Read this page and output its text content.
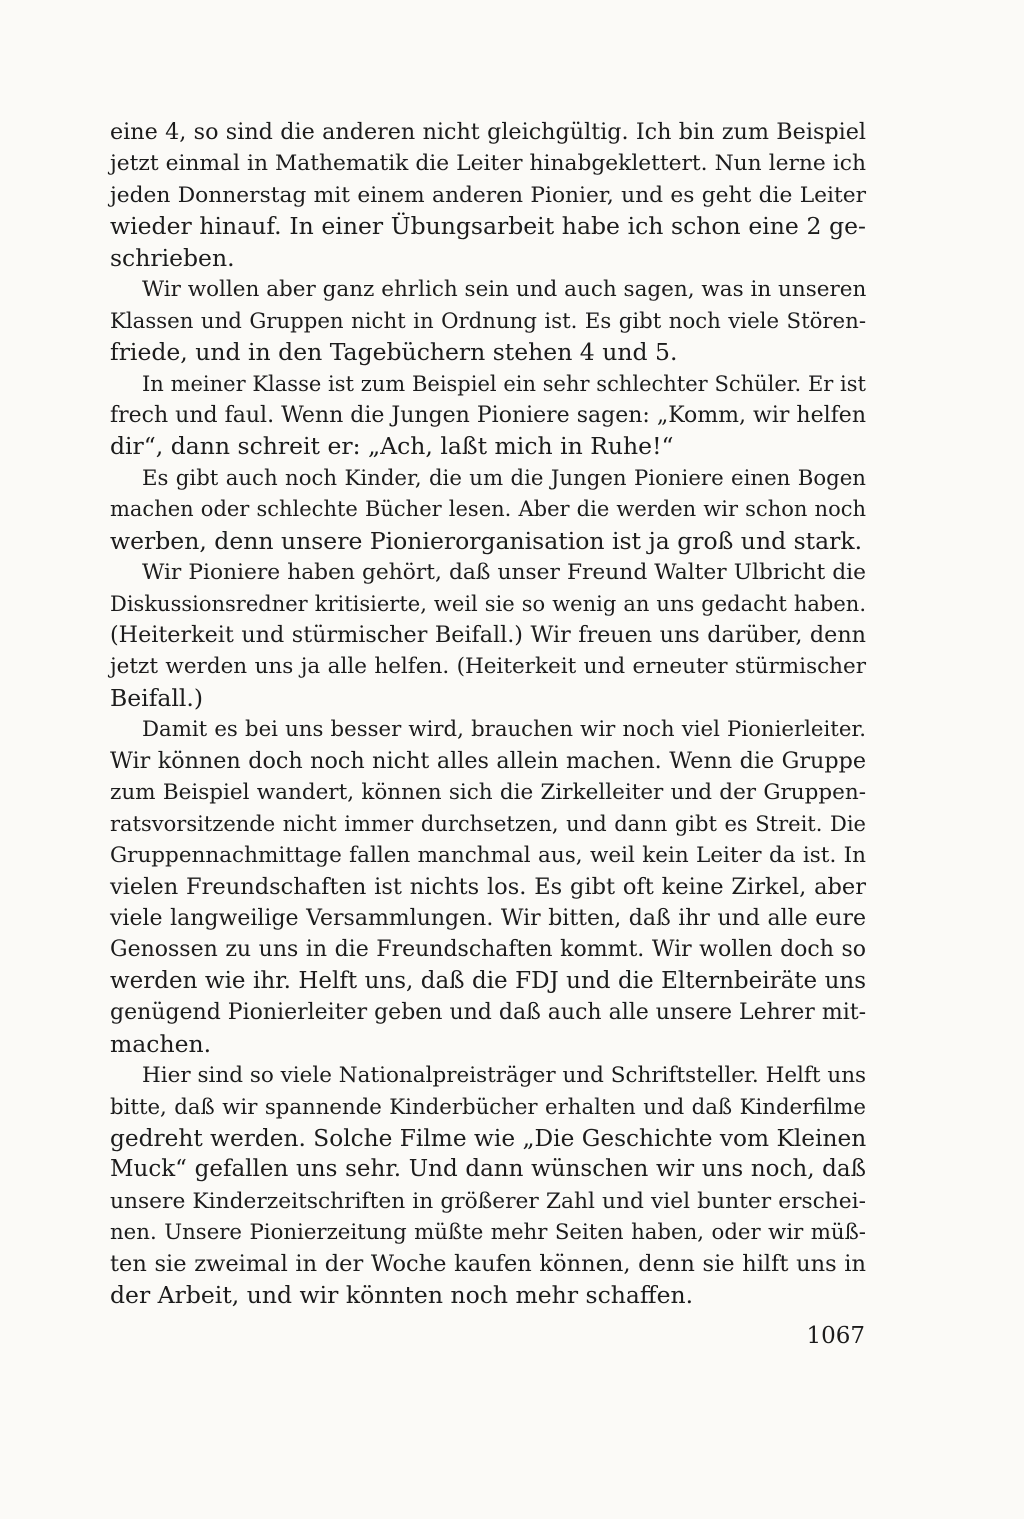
eine 4, so sind die anderen nicht gleichgültig. Ich bin zum Beispiel
jetzt einmal in Mathematik die Leiter hinabgeklettert. Nun lerne ich
jeden Donnerstag mit einem anderen Pionier, und es geht die Leiter
wieder hinauf. In einer Übungsarbeit habe ich schon eine 2 ge-
schrieben.
Wir wollen aber ganz ehrlich sein und auch sagen, was in unseren
Klassen und Gruppen nicht in Ordnung ist. Es gibt noch viele Stören-
friede, und in den Tagebüchern stehen 4 und 5.
In meiner Klasse ist zum Beispiel ein sehr schlechter Schüler. Er ist
frech und faul. Wenn die Jungen Pioniere sagen: „Komm, wir helfen
dir“, dann schreit er: „Ach, laßt mich in Ruhe!“
Es gibt auch noch Kinder, die um die Jungen Pioniere einen Bogen
machen oder schlechte Bücher lesen. Aber die werden wir schon noch
werben, denn unsere Pionierorganisation ist ja groß und stark.
Wir Pioniere haben gehört, daß unser Freund Walter Ulbricht die
Diskussionsredner kritisierte, weil sie so wenig an uns gedacht haben.
(Heiterkeit und stürmischer Beifall.) Wir freuen uns darüber, denn
jetzt werden uns ja alle helfen. (Heiterkeit und erneuter stürmischer
Beifall.)
Damit es bei uns besser wird, brauchen wir noch viel Pionierleiter.
Wir können doch noch nicht alles allein machen. Wenn die Gruppe
zum Beispiel wandert, können sich die Zirkelleiter und der Gruppen-
ratsvorsitzende nicht immer durchsetzen, und dann gibt es Streit. Die
Gruppennachmittage fallen manchmal aus, weil kein Leiter da ist. In
vielen Freundschaften ist nichts los. Es gibt oft keine Zirkel, aber
viele langweilige Versammlungen. Wir bitten, daß ihr und alle eure
Genossen zu uns in die Freundschaften kommt. Wir wollen doch so
werden wie ihr. Helft uns, daß die FDJ und die Elternbeiräte uns
genügend Pionierleiter geben und daß auch alle unsere Lehrer mit-
machen.
Hier sind so viele Nationalpreisträger und Schriftsteller. Helft uns
bitte, daß wir spannende Kinderbücher erhalten und daß Kinderfilme
gedreht werden. Solche Filme wie „Die Geschichte vom Kleinen
Muck“ gefallen uns sehr. Und dann wünschen wir uns noch, daß
unsere Kinderzeitschriften in größerer Zahl und viel bunter erschei-
nen. Unsere Pionierzeitung müßte mehr Seiten haben, oder wir müß-
ten sie zweimal in der Woche kaufen können, denn sie hilft uns in
der Arbeit, und wir könnten noch mehr schaffen.
1067
